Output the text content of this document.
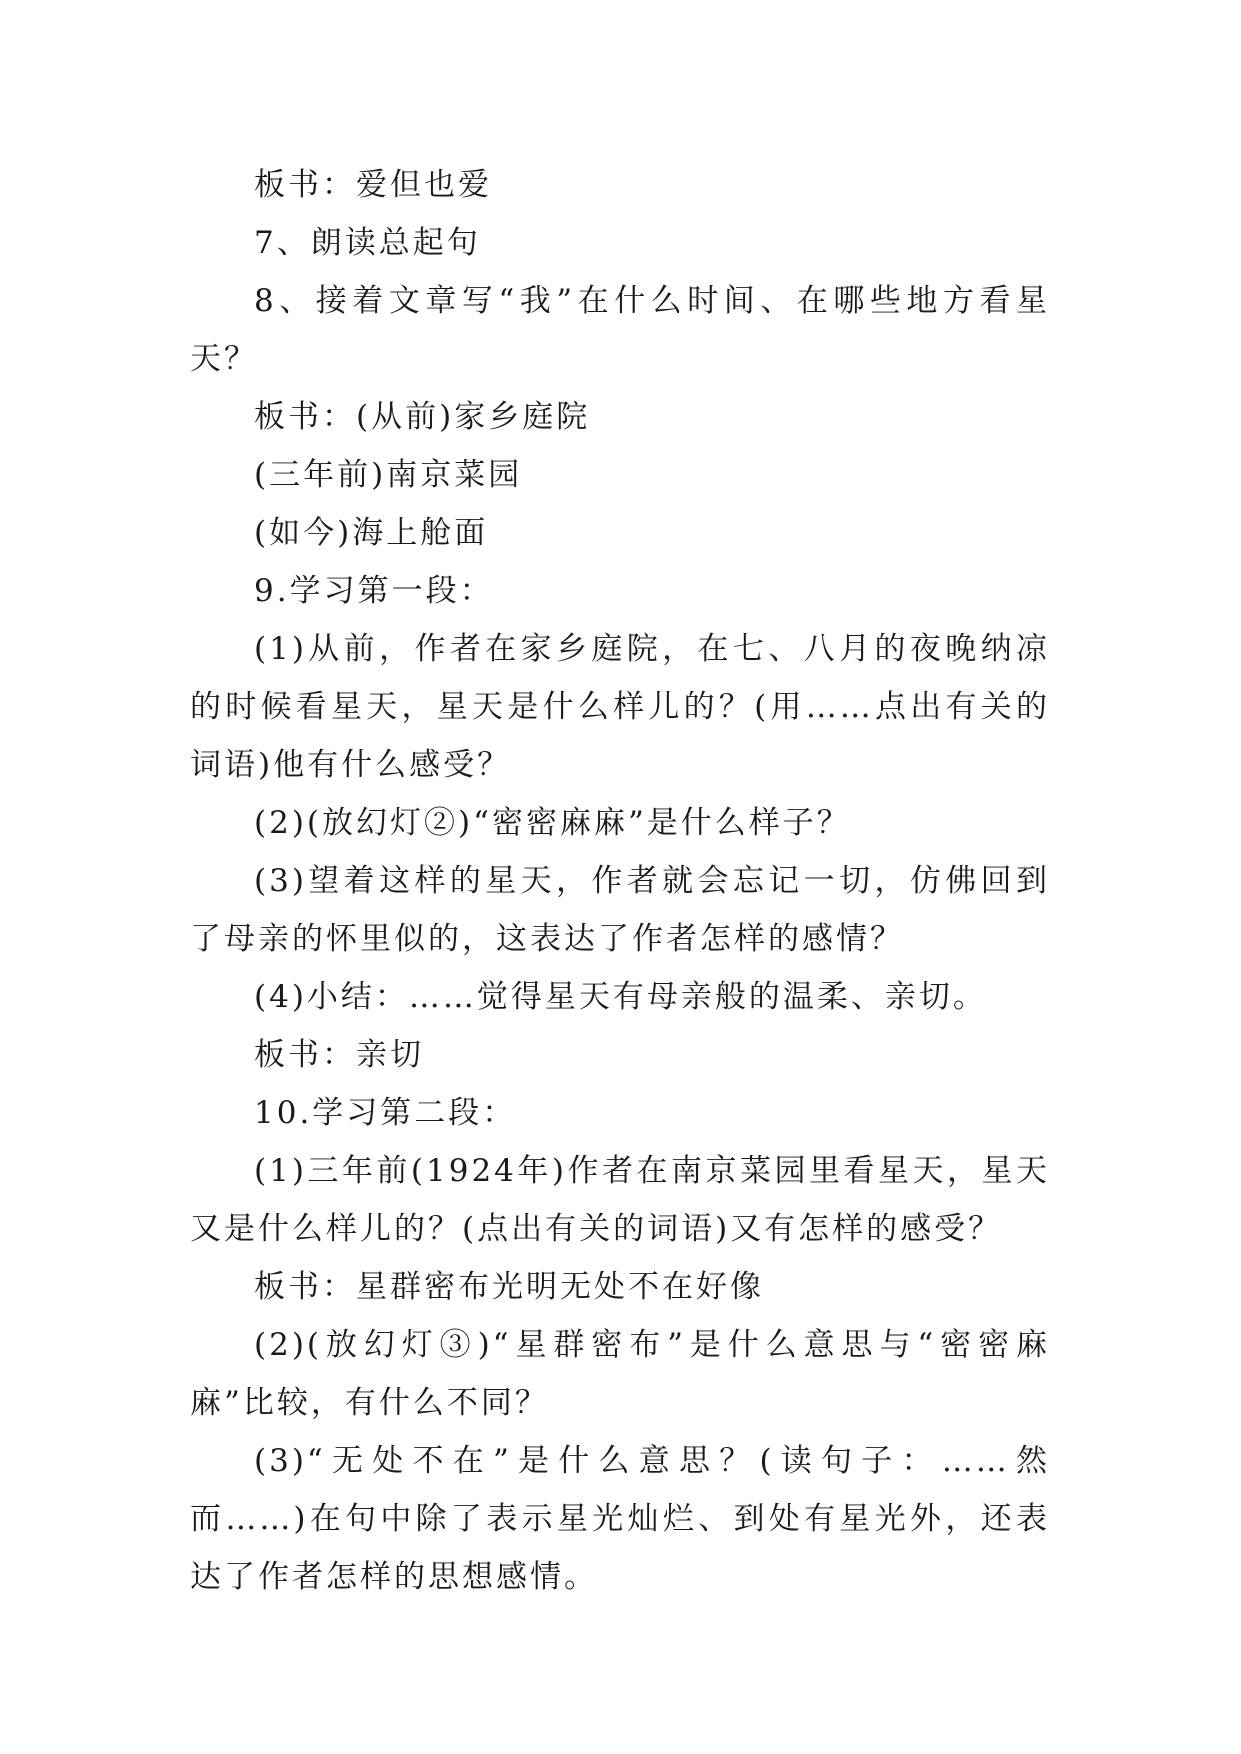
板书：爱但也爱

7、朗读总起句

8、接着文章写“我”在什么时间、在哪些地方看星天？

板书：(从前)家乡庭院

(三年前)南京菜园

(如今)海上舱面

9.学习第一段：

(1)从前，作者在家乡庭院，在七、八月的夜晚纳凉的时候看星天，星天是什么样儿的？(用……点出有关的词语)他有什么感受？

(2)(放幻灯②)“密密麻麻”是什么样子？

(3)望着这样的星天，作者就会忘记一切，仿佛回到了母亲的怀里似的，这表达了作者怎样的感情？

(4)小结：……觉得星天有母亲般的温柔、亲切。

板书：亲切

10.学习第二段：

(1)三年前(1924年)作者在南京菜园里看星天，星天又是什么样儿的？(点出有关的词语)又有怎样的感受？

板书：星群密布光明无处不在好像

(2)(放幻灯③)“星群密布”是什么意思与“密密麻麻”比较，有什么不同？

(3)“无处不在”是什么意思？(读句子：……然而……)在句中除了表示星光灿烂、到处有星光外，还表达了作者怎样的思想感情。
